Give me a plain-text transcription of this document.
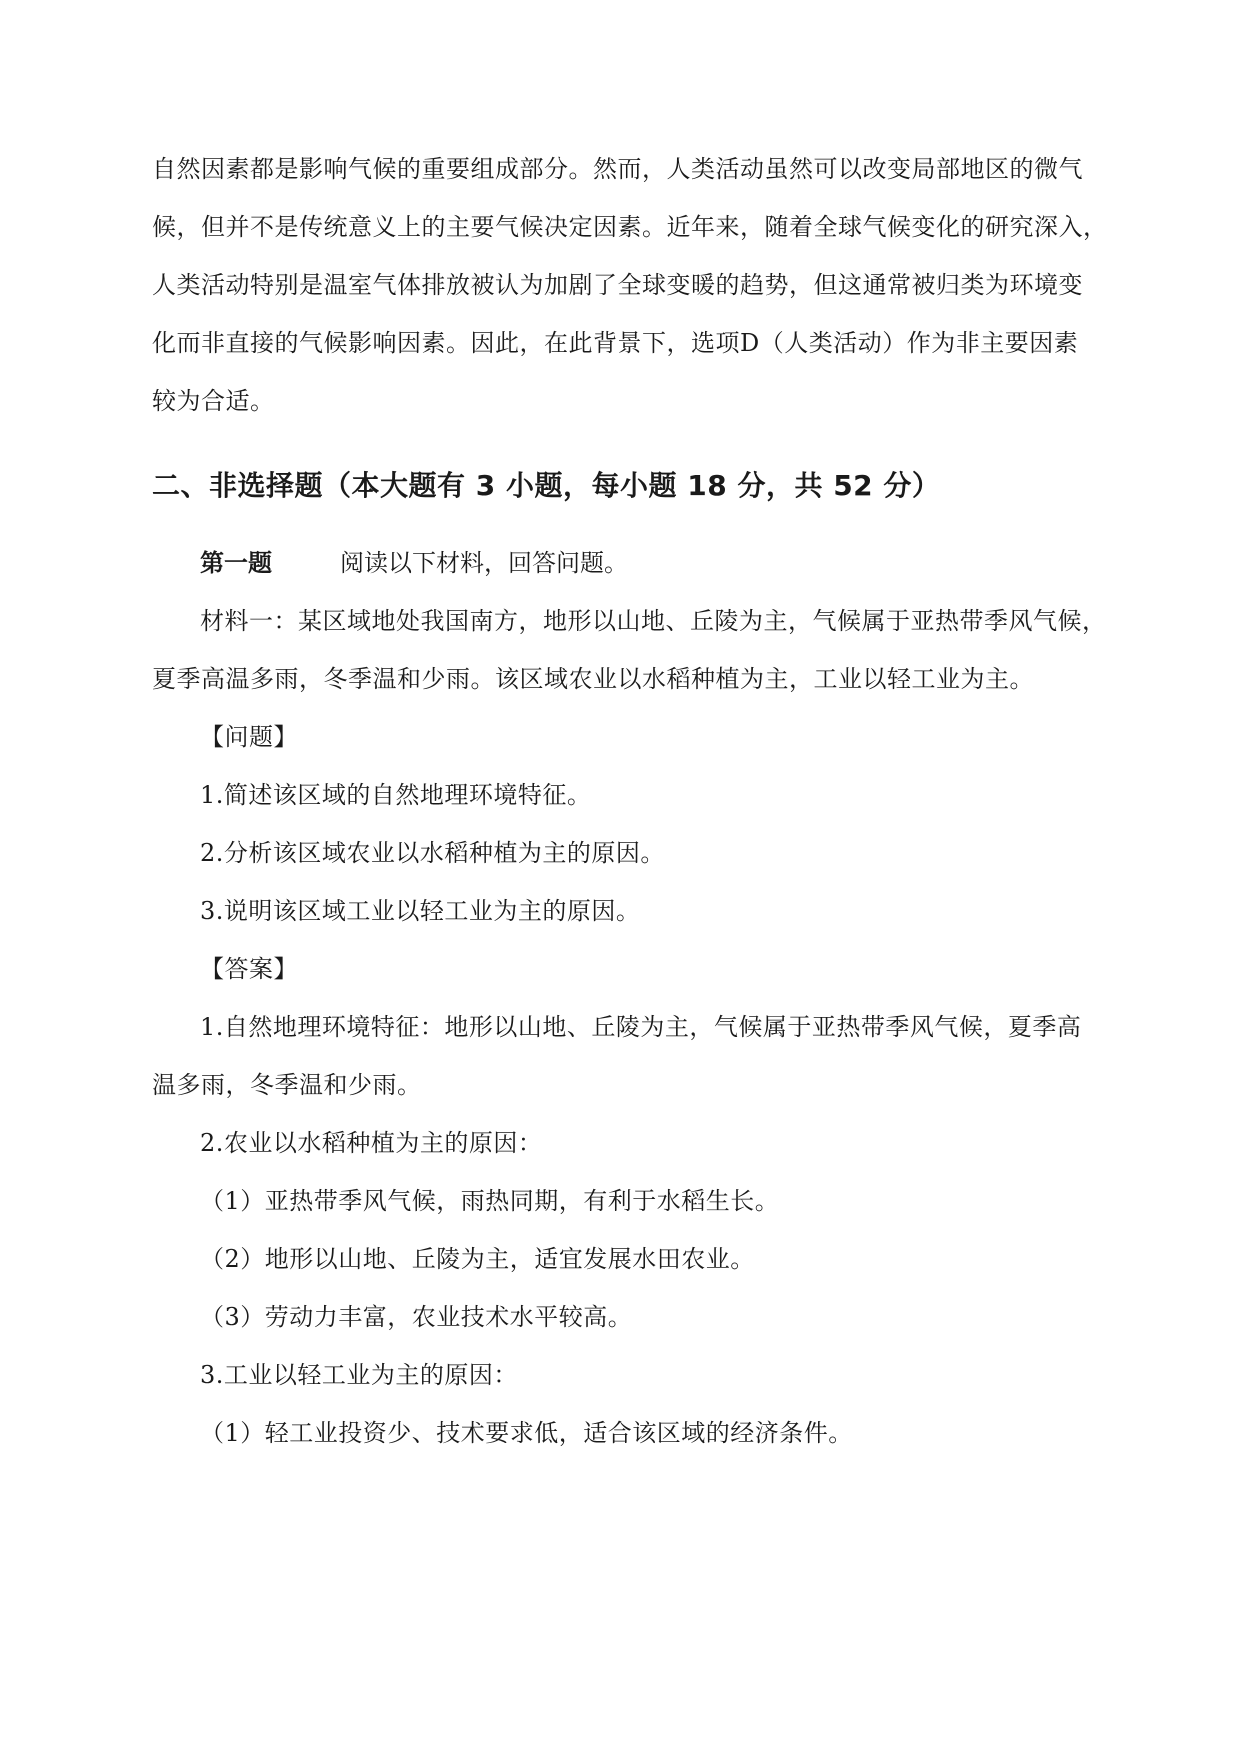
自然因素都是影响气候的重要组成部分。然而，人类活动虽然可以改变局部地区的微气

候，但并不是传统意义上的主要气候决定因素。近年来，随着全球气候变化的研究深入，

人类活动特别是温室气体排放被认为加剧了全球变暖的趋势，但这通常被归类为环境变

化而非直接的气候影响因素。因此，在此背景下，选项D（人类活动）作为非主要因素

较为合适。

二、非选择题（本大题有 3 小题，每小题 18 分，共 52 分）

第一题	阅读以下材料，回答问题。

材料一：某区域地处我国南方，地形以山地、丘陵为主，气候属于亚热带季风气候，

夏季高温多雨，冬季温和少雨。该区域农业以水稻种植为主，工业以轻工业为主。

【问题】

1.简述该区域的自然地理环境特征。

2.分析该区域农业以水稻种植为主的原因。

3.说明该区域工业以轻工业为主的原因。

【答案】

1.自然地理环境特征：地形以山地、丘陵为主，气候属于亚热带季风气候，夏季高

温多雨，冬季温和少雨。

2.农业以水稻种植为主的原因：

（1）亚热带季风气候，雨热同期，有利于水稻生长。

（2）地形以山地、丘陵为主，适宜发展水田农业。

（3）劳动力丰富，农业技术水平较高。

3.工业以轻工业为主的原因：

（1）轻工业投资少、技术要求低，适合该区域的经济条件。
